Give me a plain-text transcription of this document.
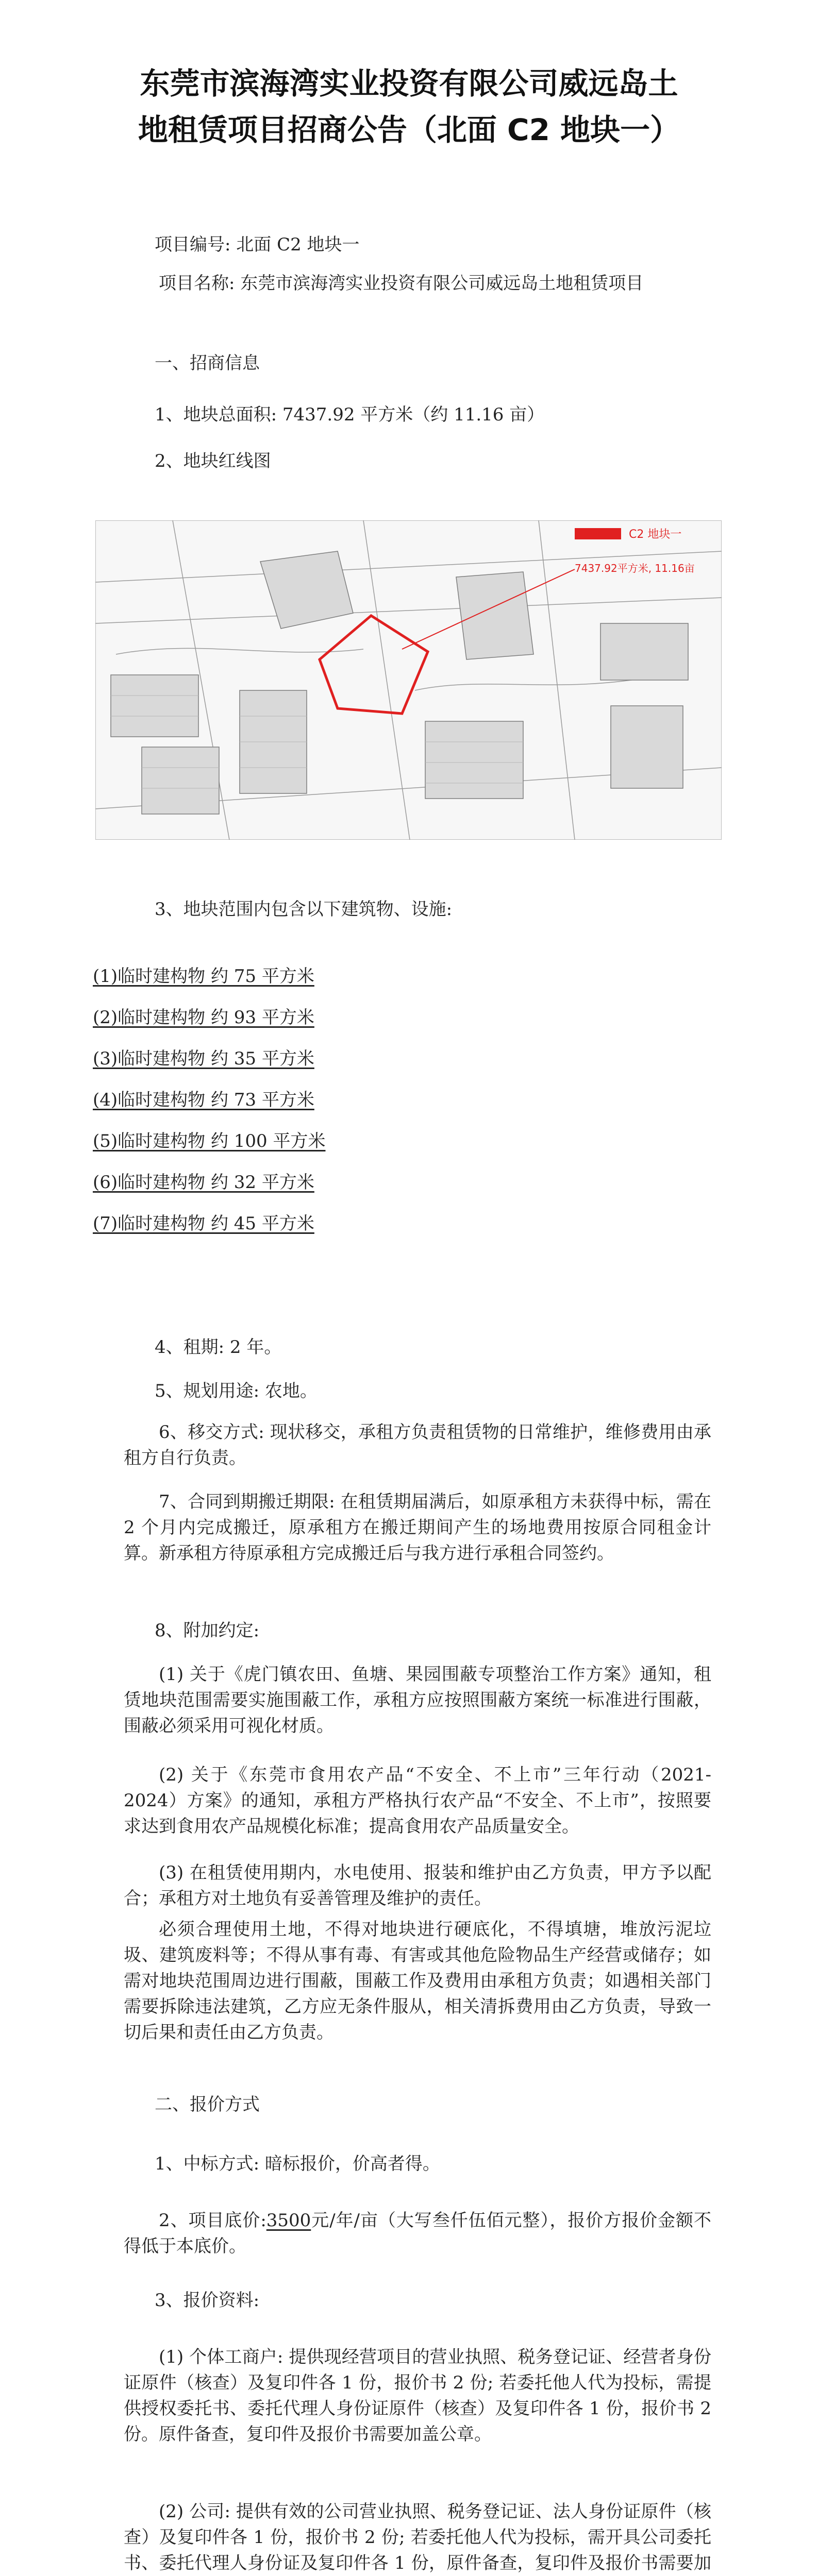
东莞市滨海湾实业投资有限公司威远岛土
地租赁项目招商公告（北面 C2 地块一）

项目编号: 北面 C2 地块一

项目名称: 东莞市滨海湾实业投资有限公司威远岛土地租赁项目

一、招商信息

1、地块总面积: 7437.92 平方米（约 11.16 亩）

2、地块红线图

C2 地块一
7437.92平方米, 11.16亩

3、地块范围内包含以下建筑物、设施:

(1)临时建构物 约 75 平方米

(2)临时建构物 约 93 平方米

(3)临时建构物 约 35 平方米

(4)临时建构物 约 73 平方米

(5)临时建构物 约 100 平方米

(6)临时建构物 约 32 平方米

(7)临时建构物 约 45 平方米

4、租期: 2 年。

5、规划用途: 农地。

6、移交方式: 现状移交，承租方负责租赁物的日常维护，维修费用由承租方自行负责。

7、合同到期搬迁期限: 在租赁期届满后，如原承租方未获得中标，需在 2 个月内完成搬迁，原承租方在搬迁期间产生的场地费用按原合同租金计算。新承租方待原承租方完成搬迁后与我方进行承租合同签约。

8、附加约定:

(1) 关于《虎门镇农田、鱼塘、果园围蔽专项整治工作方案》通知，租赁地块范围需要实施围蔽工作，承租方应按照围蔽方案统一标准进行围蔽，围蔽必须采用可视化材质。

(2) 关于《东莞市食用农产品“不安全、不上市”三年行动（2021-2024）方案》的通知，承租方严格执行农产品“不安全、不上市”，按照要求达到食用农产品规模化标准；提高食用农产品质量安全。

(3) 在租赁使用期内，水电使用、报装和维护由乙方负责，甲方予以配合；承租方对土地负有妥善管理及维护的责任。

必须合理使用土地，不得对地块进行硬底化，不得填塘，堆放污泥垃圾、建筑废料等；不得从事有毒、有害或其他危险物品生产经营或储存；如需对地块范围周边进行围蔽，围蔽工作及费用由承租方负责；如遇相关部门需要拆除违法建筑，乙方应无条件服从，相关清拆费用由乙方负责，导致一切后果和责任由乙方负责。

二、报价方式

1、中标方式: 暗标报价，价高者得。

2、项目底价:3500元/年/亩（大写叁仟伍佰元整），报价方报价金额不得低于本底价。

3、报价资料:

(1) 个体工商户: 提供现经营项目的营业执照、税务登记证、经营者身份证原件（核查）及复印件各 1 份，报价书 2 份; 若委托他人代为投标，需提供授权委托书、委托代理人身份证原件（核查）及复印件各 1 份，报价书 2 份。原件备查，复印件及报价书需要加盖公章。

(2) 公司: 提供有效的公司营业执照、税务登记证、法人身份证原件（核查）及复印件各 1 份，报价书 2 份; 若委托他人代为投标，需开具公司委托书、委托代理人身份证及复印件各 1 份，原件备查，复印件及报价书需要加
